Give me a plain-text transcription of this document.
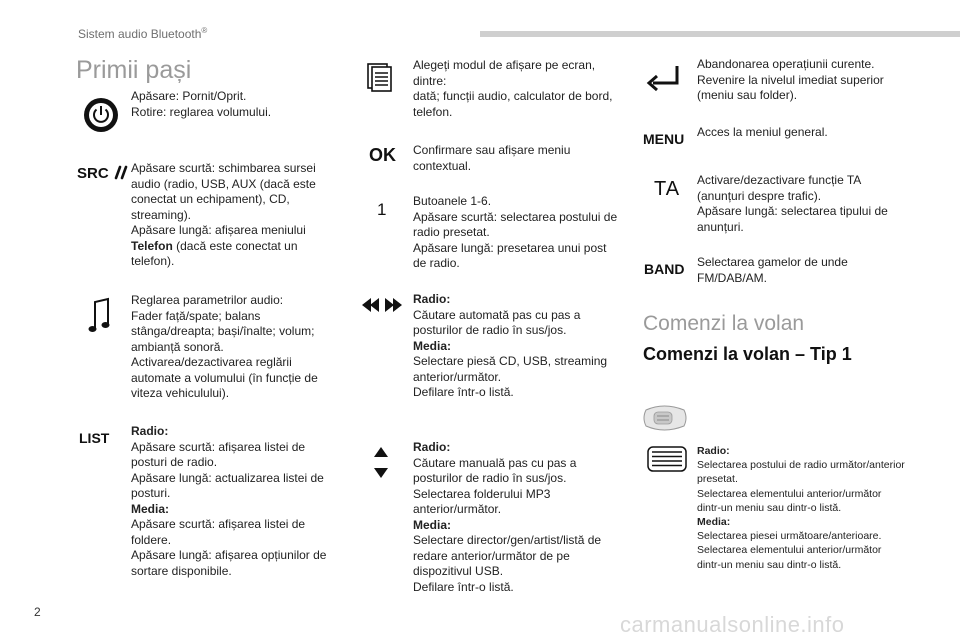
Sistem audio Bluetooth®
Primii pași
Apăsare: Pornit/Oprit.
Rotire: reglarea volumului.
SRC	Apăsare scurtă: schimbarea sursei audio (radio, USB, AUX (dacă este conectat un echipament), CD, streaming).
Apăsare lungă: afișarea meniului Telefon (dacă este conectat un telefon).
Reglarea parametrilor audio:
Fader față/spate; balans stânga/dreapta; bași/înalte; volum; ambianță sonoră.
Activarea/dezactivarea reglării automate a volumului (în funcție de viteza vehiculului).
LIST Radio:
Apăsare scurtă: afișarea listei de posturi de radio.
Apăsare lungă: actualizarea listei de posturi.
Media:
Apăsare scurtă: afișarea listei de foldere.
Apăsare lungă: afișarea opțiunilor de sortare disponibile.
Alegeți modul de afișare pe ecran, dintre:
dată; funcții audio, calculator de bord, telefon.
OK Confirmare sau afișare meniu contextual.
1 Butoanele 1-6.
Apăsare scurtă: selectarea postului de radio presetat.
Apăsare lungă: presetarea unui post de radio.
Radio:
Căutare automată pas cu pas a posturilor de radio în sus/jos.
Media:
Selectare piesă CD, USB, streaming anterior/următor.
Defilare într-o listă.
Radio:
Căutare manuală pas cu pas a posturilor de radio în sus/jos.
Selectarea folderului MP3 anterior/următor.
Media:
Selectare director/gen/artist/listă de redare anterior/următor de pe dispozitivul USB.
Defilare într-o listă.
Abandonarea operațiunii curente.
Revenire la nivelul imediat superior (meniu sau folder).
MENU Acces la meniul general.
TA Activare/dezactivare funcție TA (anunțuri despre trafic).
Apăsare lungă: selectarea tipului de anunțuri.
BAND Selectarea gamelor de unde FM/DAB/AM.
Comenzi la volan
Comenzi la volan – Tip 1
Radio:
Selectarea postului de radio următor/anterior presetat.
Selectarea elementului anterior/următor dintr-un meniu sau dintr-o listă.
Media:
Selectarea piesei următoare/anterioare.
Selectarea elementului anterior/următor dintr-un meniu sau dintr-o listă.
2	carmanualsonline.info
